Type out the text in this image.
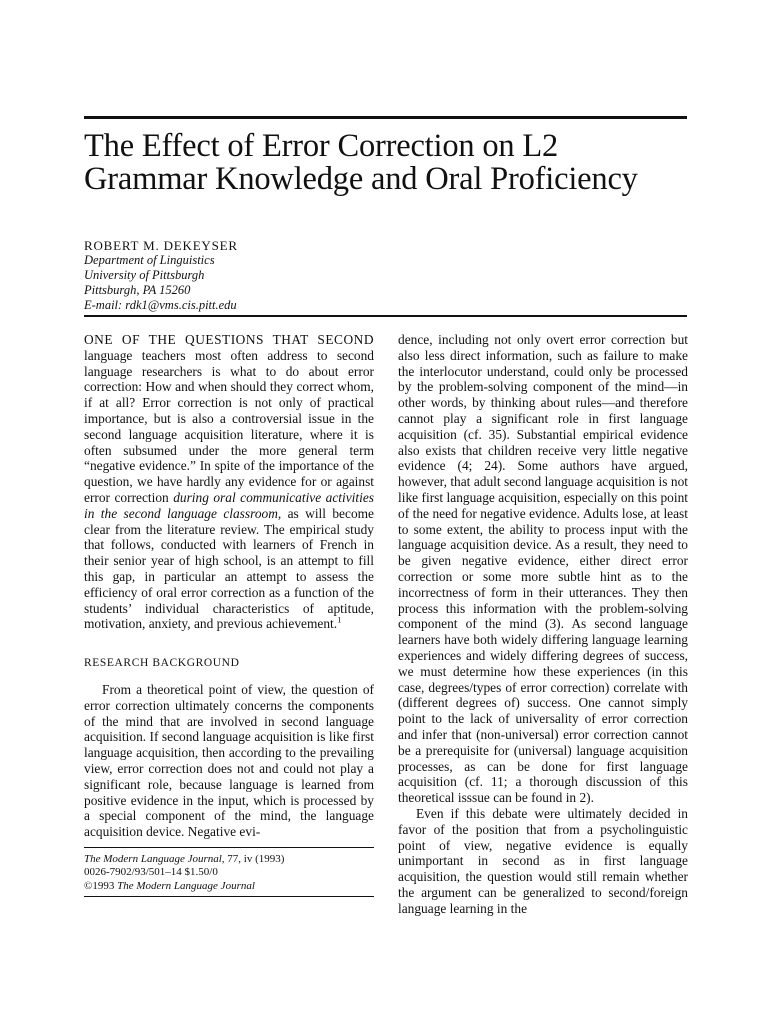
The Effect of Error Correction on L2 Grammar Knowledge and Oral Proficiency
ROBERT M. DEKEYSER
Department of Linguistics
University of Pittsburgh
Pittsburgh, PA 15260
E-mail: rdk1@vms.cis.pitt.edu

ONE OF THE QUESTIONS THAT SECOND language teachers most often address to second language researchers is what to do about error correction: How and when should they correct whom, if at all? Error correction is not only of practical importance, but is also a controversial issue in the second language acquisition literature, where it is often subsumed under the more general term “negative evidence.” In spite of the importance of the question, we have hardly any evidence for or against error correction during oral communicative activities in the second language classroom, as will become clear from the literature review. The empirical study that follows, conducted with learners of French in their senior year of high school, is an attempt to fill this gap, in particular an attempt to assess the efficiency of oral error correction as a function of the students’ individual characteristics of aptitude, motivation, anxiety, and previous achievement.$^1$

RESEARCH BACKGROUND

From a theoretical point of view, the question of error correction ultimately concerns the components of the mind that are involved in second language acquisition. If second language acquisition is like first language acquisition, then according to the prevailing view, error correction does not and could not play a significant role, because language is learned from positive evidence in the input, which is processed by a special component of the mind, the language acquisition device. Negative evi-

The Modern Language Journal, 77, iv (1993)
0026-7902/93/501–14 $1.50/0
©1993 The Modern Language Journal

dence, including not only overt error correction but also less direct information, such as failure to make the interlocutor understand, could only be processed by the problem-solving component of the mind—in other words, by thinking about rules—and therefore cannot play a significant role in first language acquisition (cf. 35). Substantial empirical evidence also exists that children receive very little negative evidence (4; 24). Some authors have argued, however, that adult second language acquisition is not like first language acquisition, especially on this point of the need for negative evidence. Adults lose, at least to some extent, the ability to process input with the language acquisition device. As a result, they need to be given negative evidence, either direct error correction or some more subtle hint as to the incorrectness of form in their utterances. They then process this information with the problem-solving component of the mind (3). As second language learners have both widely differing language learning experiences and widely differing degrees of success, we must determine how these experiences (in this case, degrees/types of error correction) correlate with (different degrees of) success. One cannot simply point to the lack of universality of error correction and infer that (non-universal) error correction cannot be a prerequisite for (universal) language acquisition processes, as can be done for first language acquisition (cf. 11; a thorough discussion of this theoretical isssue can be found in 2).

Even if this debate were ultimately decided in favor of the position that from a psycholinguistic point of view, negative evidence is equally unimportant in second as in first language acquisition, the question would still remain whether the argument can be generalized to second/foreign language learning in the
